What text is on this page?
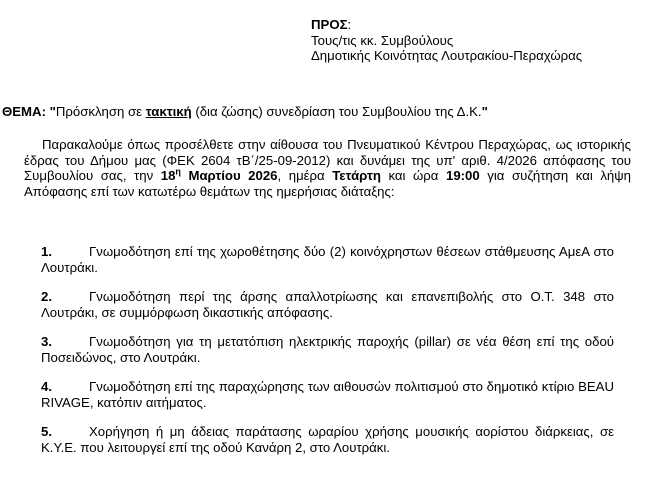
ΠΡΟΣ:
Τους/τις κκ. Συμβούλους
Δημοτικής Κοινότητας Λουτρακίου-Περαχώρας
ΘΕΜΑ: "Πρόσκληση σε τακτική (δια ζώσης) συνεδρίαση του Συμβουλίου της Δ.Κ."
Παρακαλούμε όπως προσέλθετε στην αίθουσα του Πνευματικού Κέντρου Περαχώρας, ως ιστορικής έδρας του Δήμου μας (ΦΕΚ 2604 τΒ΄/25-09-2012) και δυνάμει της υπ' αριθ. 4/2026 απόφασης του Συμβουλίου σας, την $18^\eta$ Μαρτίου 2026, ημέρα Τετάρτη και ώρα 19:00 για συζήτηση και λήψη Απόφασης επί των κατωτέρω θεμάτων της ημερήσιας διάταξης:
1.	Γνωμοδότηση επί της χωροθέτησης δύο (2) κοινόχρηστων θέσεων στάθμευσης ΑμεΑ στο Λουτράκι.
2.	Γνωμοδότηση περί της άρσης απαλλοτρίωσης και επανεπιβολής στο Ο.Τ. 348 στο Λουτράκι, σε συμμόρφωση δικαστικής απόφασης.
3.	Γνωμοδότηση για τη μετατόπιση ηλεκτρικής παροχής (pillar) σε νέα θέση επί της οδού Ποσειδώνος, στο Λουτράκι.
4.	Γνωμοδότηση επί της παραχώρησης των αιθουσών πολιτισμού στο δημοτικό κτίριο BEAU RIVAGE, κατόπιν αιτήματος.
5.	Χορήγηση ή μη άδειας παράτασης ωραρίου χρήσης μουσικής αορίστου διάρκειας, σε Κ.Υ.Ε. που λειτουργεί επί της οδού Κανάρη 2, στο Λουτράκι.
